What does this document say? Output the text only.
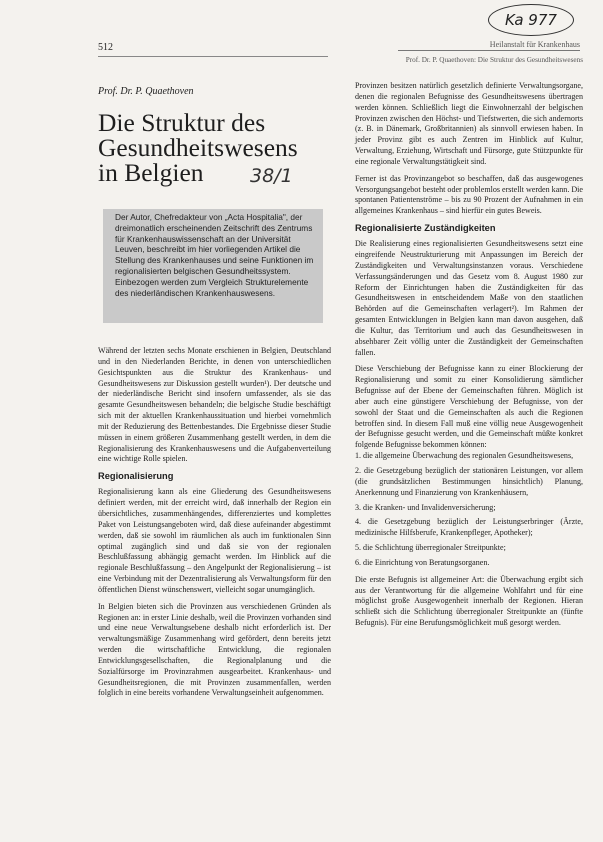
Ka 977
512	Heilanstalt für Krankenhaus
Prof. Dr. P. Quaethoven: Die Struktur des Gesundheitswesens
Prof. Dr. P. Quaethoven
Die Struktur des
Gesundheitswesens
in Belgien	38/1
Der Autor, Chefredakteur von „Acta Hospitalia", der dreimonatlich erscheinenden Zeitschrift des Zentrums für Krankenhauswissenschaft an der Universität Leuven, beschreibt im hier vorliegenden Artikel die Stellung des Krankenhauses und seine Funktionen im regionalisierten belgischen Gesundheitssystem. Einbezogen werden zum Vergleich Strukturelemente des niederländischen Krankenhauswesens.

Während der letzten sechs Monate erschienen in Belgien, Deutschland und in den Niederlanden Berichte, in denen von unterschiedlichen Gesichtspunkten aus die Struktur des Krankenhaus- und Gesundheitswesens zur Diskussion gestellt wurden¹). Der deutsche und der niederländische Bericht sind insofern umfassender, als sie das gesamte Gesundheitswesen behandeln; die belgische Studie beschäftigt sich mit der aktuellen Krankenhaussituation und hierbei vornehmlich mit der Reduzierung des Bettenbestandes. Die Ergebnisse dieser Studie müssen in einem größeren Zusammenhang gestellt werden, in dem die Regionalisierung des Krankenhauswesens und die Aufgabenverteilung eine wichtige Rolle spielen.

Regionalisierung

Regionalisierung kann als eine Gliederung des Gesundheitswesens definiert werden, mit der erreicht wird, daß innerhalb der Region ein übersichtliches, zusammenhängendes, differenziertes und komplettes Paket von Leistungsangeboten wird, daß diese aufeinander abgestimmt werden, daß sie sowohl im räumlichen als auch im funktionalen Sinn optimal zugänglich sind und daß sie von der regionalen Beschlußfassung abhängig gemacht werden. Im Hinblick auf die regionale Beschlußfassung – den Angelpunkt der Regionalisierung – ist eine Verbindung mit der Dezentralisierung als Verwaltungsform für den öffentlichen Dienst wünschenswert, vielleicht sogar unumgänglich.

In Belgien bieten sich die Provinzen aus verschiedenen Gründen als Regionen an: in erster Linie deshalb, weil die Provinzen vorhanden sind und eine neue Verwaltungsebene deshalb nicht erforderlich ist. Der verwaltungsmäßige Zusammenhang wird gefördert, denn bereits jetzt werden die wirtschaftliche Entwicklung, die regionalen Entwicklungsgesellschaften, die Regionalplanung und die Sozialfürsorge im Provinzrahmen ausgearbeitet. Krankenhaus- und Gesundheitsregionen, die mit Provinzen zusammenfallen, werden folglich in eine bereits vorhandene Verwaltungseinheit aufgenommen.

Provinzen besitzen natürlich gesetzlich definierte Verwaltungsorgane, denen die regionalen Befugnisse des Gesundheitswesens übertragen werden können. Schließlich liegt die Einwohnerzahl der belgischen Provinzen zwischen den Höchst- und Tiefstwerten, die sich andernorts (z. B. in Dänemark, Großbritannien) als sinnvoll erwiesen haben. In jeder Provinz gibt es auch Zentren im Hinblick auf Kultur, Verwaltung, Erziehung, Wirtschaft und Fürsorge, gute Stützpunkte für eine regionale Verwaltungstätigkeit sind.

Ferner ist das Provinzangebot so beschaffen, daß das ausgewogenes Versorgungsangebot besteht oder problemlos erstellt werden kann. Die spontanen Patientenströme – bis zu 90 Prozent der Aufnahmen in ein allgemeines Krankenhaus – sind hierfür ein gutes Beweis.

Regionalisierte Zuständigkeiten

Die Realisierung eines regionalisierten Gesundheitswesens setzt eine eingreifende Neustrukturierung mit Anpassungen im Bereich der Zuständigkeiten und Verwaltungsinstanzen voraus. Verschiedene Verfassungsänderungen und das Gesetz vom 8. August 1980 zur Reform der Einrichtungen haben die Zuständigkeiten für das Gesundheitswesen in entscheidendem Maße von den staatlichen Behörden auf die Gemeinschaften verlagert²). Im Rahmen der gesamten Entwicklungen in Belgien kann man davon ausgehen, daß die Kultur, das Territorium und auch das Gesundheitswesen in absehbarer Zeit völlig unter die Zuständigkeit der Gemeinschaften fallen.

Diese Verschiebung der Befugnisse kann zu einer Blockierung der Regionalisierung und somit zu einer Konsolidierung sämtlicher Befugnisse auf der Ebene der Gemeinschaften führen. Möglich ist aber auch eine günstigere Verschiebung der Befugnisse, von der sowohl der Staat und die Gemeinschaften als auch die Regionen betroffen sind. In diesem Fall muß eine völlig neue Ausgewogenheit der Befugnisse gesucht werden, und die Gemeinschaft müßte konkret folgende Befugnisse bekommen können:

1. die allgemeine Überwachung des regionalen Gesundheitswesens,

2. die Gesetzgebung bezüglich der stationären Leistungen, vor allem (die grundsätzlichen Bestimmungen hinsichtlich) Planung, Anerkennung und Finanzierung von Krankenhäusern,

3. die Kranken- und Invalidenversicherung;

4. die Gesetzgebung bezüglich der Leistungserbringer (Ärzte, medizinische Hilfsberufe, Krankenpfleger, Apotheker);

5. die Schlichtung überregionaler Streitpunkte;

6. die Einrichtung von Beratungsorganen.

Die erste Befugnis ist allgemeiner Art: die Überwachung ergibt sich aus der Verantwortung für die allgemeine Wohlfahrt und für eine möglichst große Ausgewogenheit innerhalb der Regionen. Hieran schließt sich die Schlichtung überregionaler Streitpunkte an (fünfte Befugnis). Für eine Berufungsmöglichkeit muß gesorgt werden.
